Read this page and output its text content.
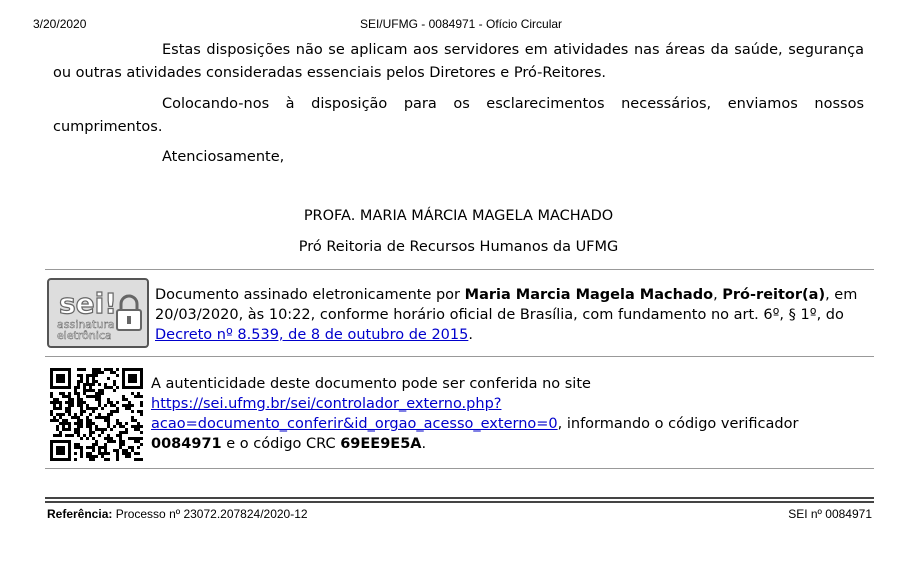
3/20/2020	SEI/UFMG - 0084971 - Ofício Circular
Estas disposições não se aplicam aos servidores em atividades nas áreas da saúde, segurança ou outras atividades consideradas essenciais pelos Diretores e Pró-Reitores.
Colocando-nos à disposição para os esclarecimentos necessários, enviamos nossos cumprimentos.
Atenciosamente,
PROFA. MARIA MÁRCIA MAGELA MACHADO
Pró Reitoria de Recursos Humanos da UFMG
sei!
assinatura
eletrônica
Documento assinado eletronicamente por Maria Marcia Magela Machado, Pró-reitor(a), em 20/03/2020, às 10:22, conforme horário oficial de Brasília, com fundamento no art. 6º, § 1º, do Decreto nº 8.539, de 8 de outubro de 2015.
A autenticidade deste documento pode ser conferida no site
https://sei.ufmg.br/sei/controlador_externo.php?
acao=documento_conferir&id_orgao_acesso_externo=0, informando o código verificador 0084971 e o código CRC 69EE9E5A.
Referência: Processo nº 23072.207824/2020-12	SEI nº 0084971
